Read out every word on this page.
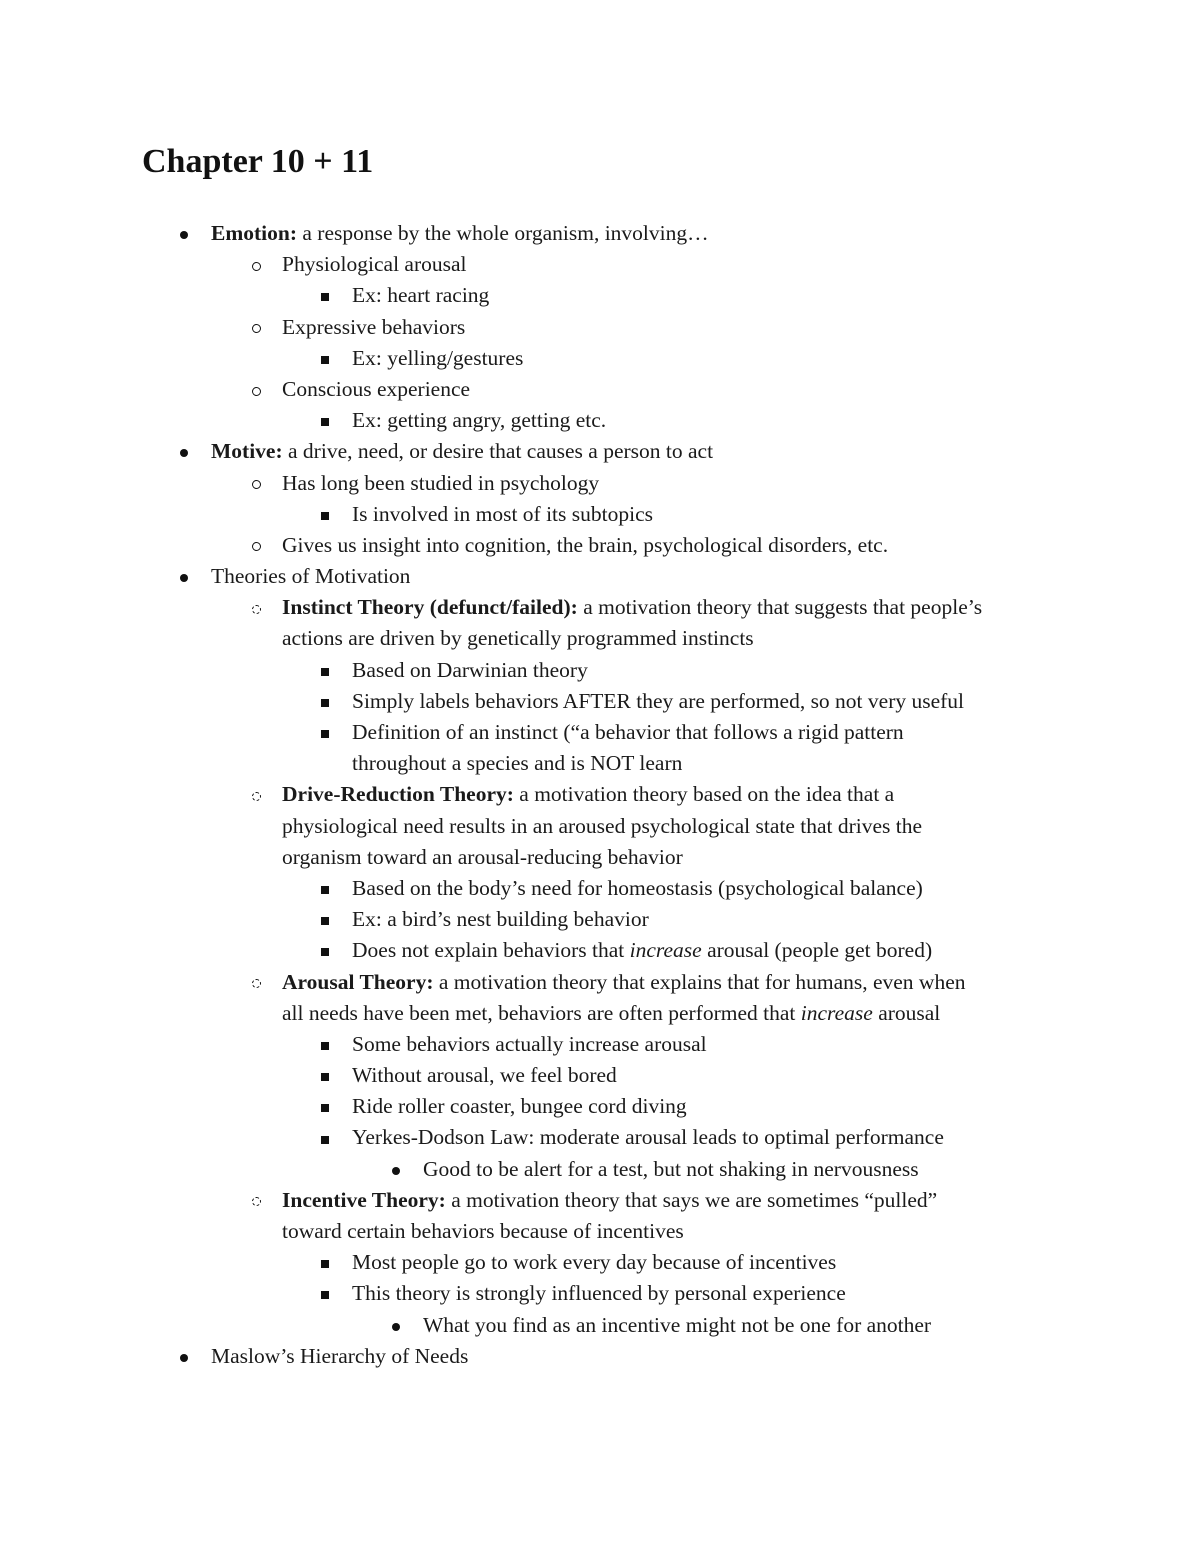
Chapter 10 + 11
Emotion: a response by the whole organism, involving…
Physiological arousal
Ex: heart racing
Expressive behaviors
Ex: yelling/gestures
Conscious experience
Ex: getting angry, getting etc.
Motive: a drive, need, or desire that causes a person to act
Has long been studied in psychology
Is involved in most of its subtopics
Gives us insight into cognition, the brain, psychological disorders, etc.
Theories of Motivation
Instinct Theory (defunct/failed): a motivation theory that suggests that people’s
actions are driven by genetically programmed instincts
Based on Darwinian theory
Simply labels behaviors AFTER they are performed, so not very useful
Definition of an instinct (“a behavior that follows a rigid pattern
throughout a species and is NOT learn
Drive-Reduction Theory: a motivation theory based on the idea that a
physiological need results in an aroused psychological state that drives the
organism toward an arousal-reducing behavior
Based on the body’s need for homeostasis (psychological balance)
Ex: a bird’s nest building behavior
Does not explain behaviors that increase arousal (people get bored)
Arousal Theory: a motivation theory that explains that for humans, even when
all needs have been met, behaviors are often performed that increase arousal
Some behaviors actually increase arousal
Without arousal, we feel bored
Ride roller coaster, bungee cord diving
Yerkes-Dodson Law: moderate arousal leads to optimal performance
Good to be alert for a test, but not shaking in nervousness
Incentive Theory: a motivation theory that says we are sometimes “pulled”
toward certain behaviors because of incentives
Most people go to work every day because of incentives
This theory is strongly influenced by personal experience
What you find as an incentive might not be one for another
Maslow’s Hierarchy of Needs
